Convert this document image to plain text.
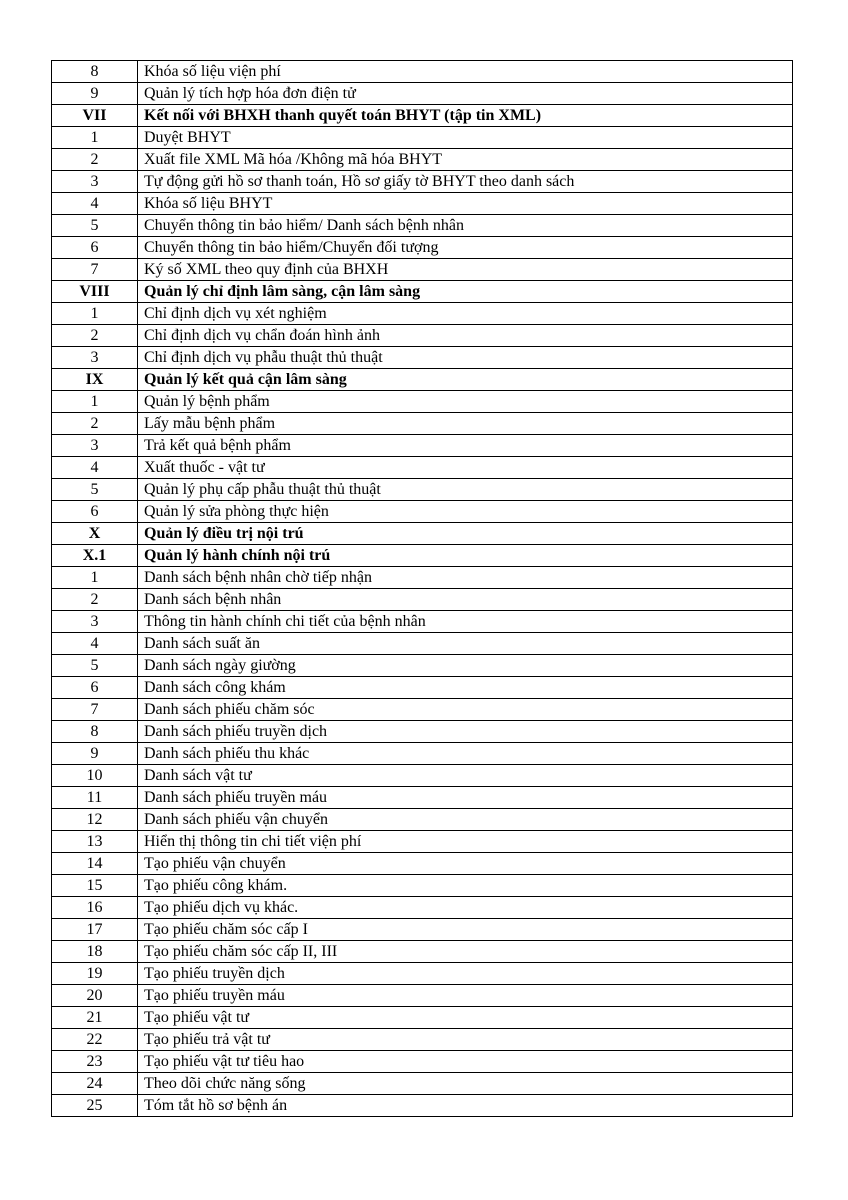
8	Khóa số liệu viện phí
9	Quản lý tích hợp hóa đơn điện tử
VII	Kết nối với BHXH thanh quyết toán BHYT (tập tin XML)
1	Duyệt BHYT
2	Xuất file XML Mã hóa /Không mã hóa BHYT
3	Tự động gửi hồ sơ thanh toán, Hồ sơ giấy tờ BHYT theo danh sách
4	Khóa số liệu BHYT
5	Chuyển thông tin bảo hiểm/ Danh sách bệnh nhân
6	Chuyển thông tin bảo hiểm/Chuyển đối tượng
7	Ký số XML theo quy định của BHXH
VIII	Quản lý chỉ định lâm sàng, cận lâm sàng
1	Chỉ định dịch vụ xét nghiệm
2	Chỉ định dịch vụ chẩn đoán hình ảnh
3	Chỉ định dịch vụ phẫu thuật thủ thuật
IX	Quản lý kết quả cận lâm sàng
1	Quản lý bệnh phẩm
2	Lấy mẫu bệnh phẩm
3	Trả kết quả bệnh phẩm
4	Xuất thuốc - vật tư
5	Quản lý phụ cấp phẫu thuật thủ thuật
6	Quản lý sửa phòng thực hiện
X	Quản lý điều trị nội trú
X.1	Quản lý hành chính nội trú
1	Danh sách bệnh nhân chờ tiếp nhận
2	Danh sách bệnh nhân
3	Thông tin hành chính chi tiết của bệnh nhân
4	Danh sách suất ăn
5	Danh sách ngày giường
6	Danh sách công khám
7	Danh sách phiếu chăm sóc
8	Danh sách phiếu truyền dịch
9	Danh sách phiếu thu khác
10	Danh sách vật tư
11	Danh sách phiếu truyền máu
12	Danh sách phiếu vận chuyển
13	Hiển thị thông tin chi tiết viện phí
14	Tạo phiếu vận chuyển
15	Tạo phiếu công khám.
16	Tạo phiếu dịch vụ khác.
17	Tạo phiếu chăm sóc cấp I
18	Tạo phiếu chăm sóc cấp II, III
19	Tạo phiếu truyền dịch
20	Tạo phiếu truyền máu
21	Tạo phiếu vật tư
22	Tạo phiếu trả vật tư
23	Tạo phiếu vật tư tiêu hao
24	Theo dõi chức năng sống
25	Tóm tắt hồ sơ bệnh án
